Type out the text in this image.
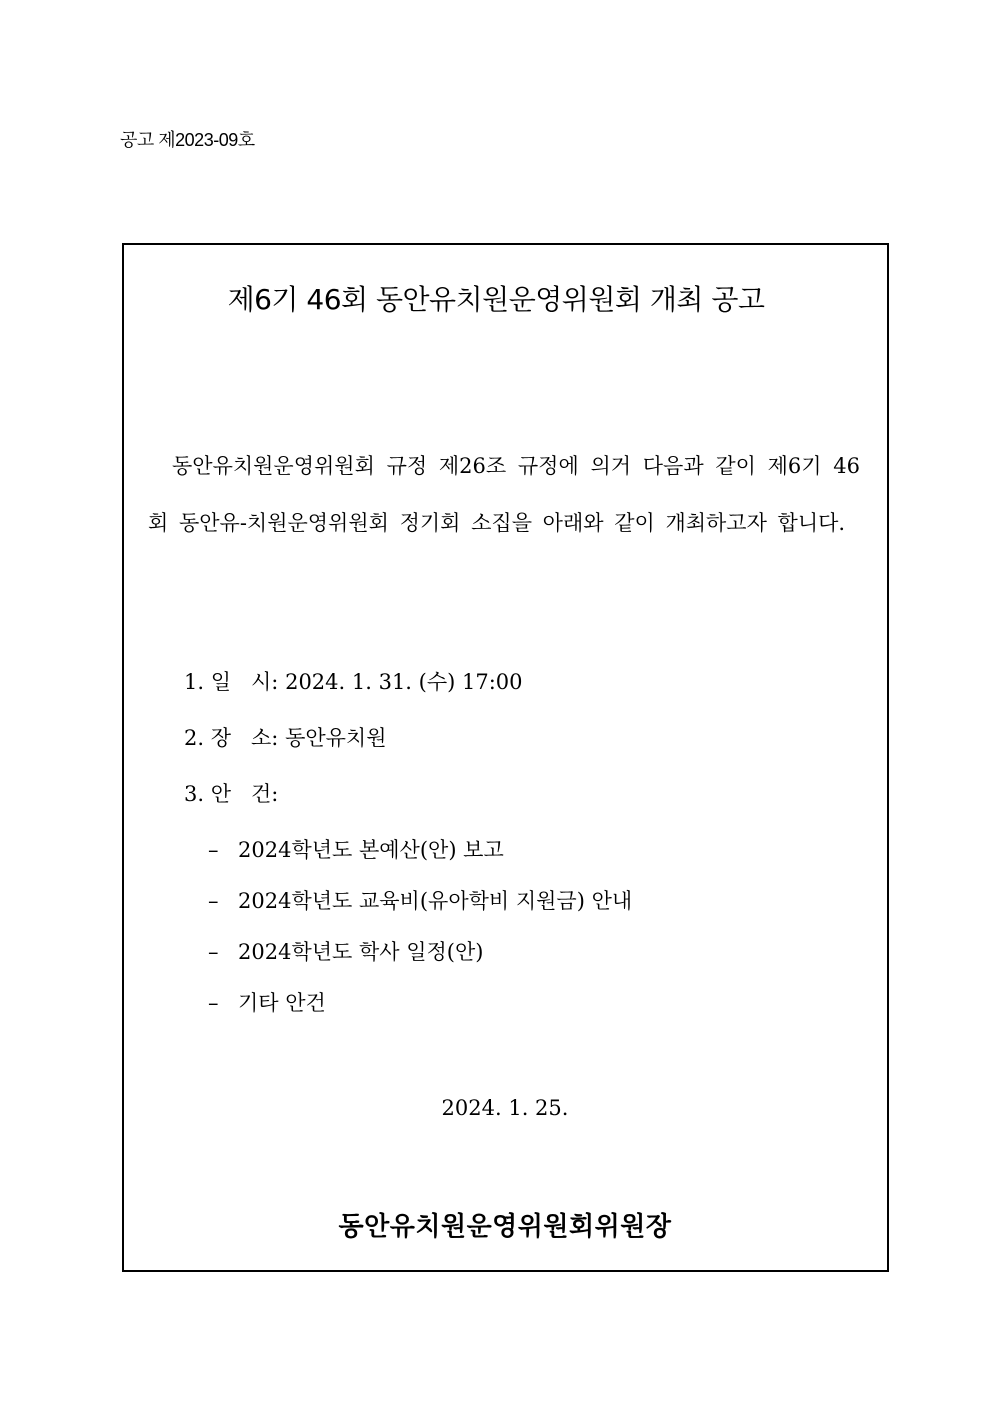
공고 제2023-09호
제6기 46회 동안유치원운영위원회 개최 공고

동안유치원운영위원회 규정 제26조 규정에 의거 다음과 같이 제6기 46회 동안유-치원운영위원회 정기회 소집을 아래와 같이 개최하고자 합니다.

1. 일   시: 2024. 1. 31. (수) 17:00
2. 장   소: 동안유치원
3. 안   건:
– 2024학년도 본예산(안) 보고
– 2024학년도 교육비(유아학비 지원금) 안내
– 2024학년도 학사 일정(안)
– 기타 안건
2024. 1. 25.
동안유치원운영위원회위원장
